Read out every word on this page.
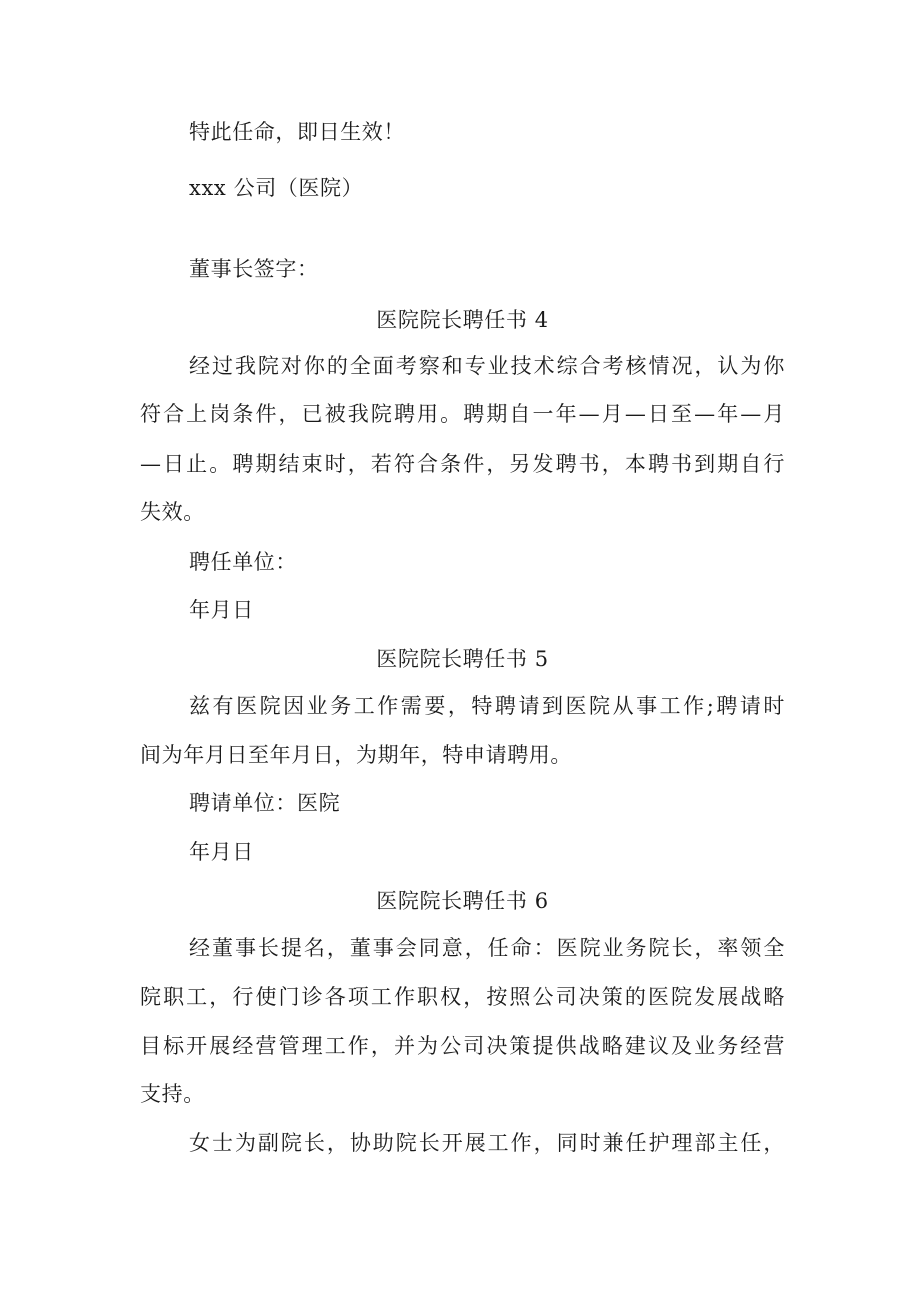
特此任命，即日生效！
xxx 公司（医院）
董事长签字：
医院院长聘任书 4
经过我院对你的全面考察和专业技术综合考核情况，认为你
符合上岗条件，已被我院聘用。聘期自一年—月—日至—年—月
—日止。聘期结束时，若符合条件，另发聘书，本聘书到期自行
失效。
聘任单位：
年月日
医院院长聘任书 5
兹有医院因业务工作需要，特聘请到医院从事工作;聘请时
间为年月日至年月日，为期年，特申请聘用。
聘请单位：医院
年月日
医院院长聘任书 6
经董事长提名，董事会同意，任命：医院业务院长，率领全
院职工，行使门诊各项工作职权，按照公司决策的医院发展战略
目标开展经营管理工作，并为公司决策提供战略建议及业务经营
支持。
女士为副院长，协助院长开展工作，同时兼任护理部主任，
